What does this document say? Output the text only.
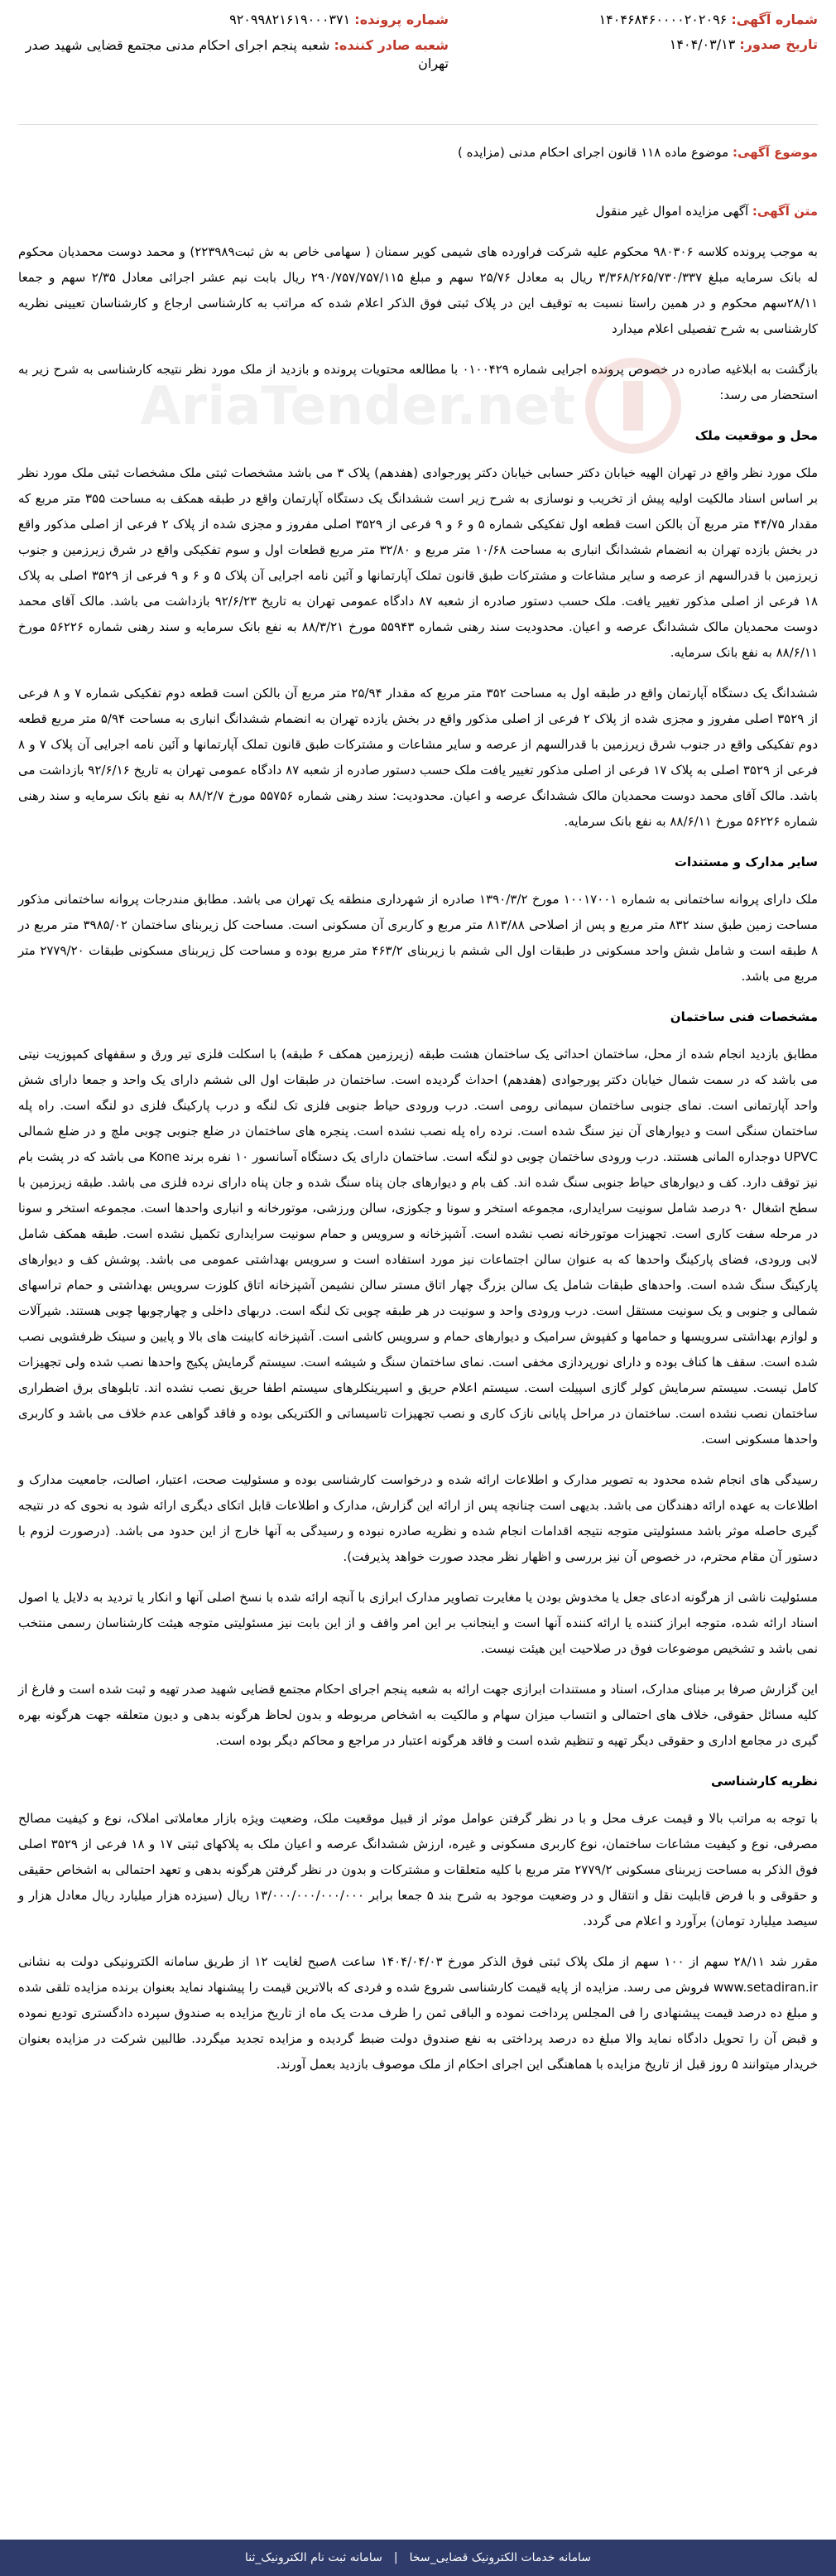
شماره آگهی: ۱۴۰۴۶۸۴۶۰۰۰۰۲۰۲۰۹۶
تاریخ صدور: ۱۴۰۴/۰۳/۱۳
شماره پرونده: ۹۲۰۹۹۸۲۱۶۱۹۰۰۰۳۷۱
شعبه صادر کننده: شعبه پنجم اجرای احکام مدنی مجتمع قضایی شهید صدر تهران
موضوع آگهی: موضوع ماده ۱۱۸ قانون اجرای احکام مدنی (مزایده )

متن آگهی: آگهی مزایده اموال غیر منقول

به موجب پرونده کلاسه ۹۸۰۳۰۶ محکوم علیه شرکت فراورده های شیمی کویر سمنان ( سهامی خاص به ش ثبت۲۲۳۹۸۹) و محمد دوست محمدیان محکوم له بانک سرمایه مبلغ ۳/۳۶۸/۲۶۵/۷۳۰/۳۳۷ ریال به معادل ۲۵/۷۶ سهم و مبلغ ۲۹۰/۷۵۷/۷۵۷/۱۱۵ ریال بابت نیم عشر اجرائی معادل ۲/۳۵ سهم و جمعا ۲۸/۱۱سهم محکوم و در همین راستا نسبت به توقیف این در پلاک ثبتی فوق الذکر اعلام شده که مراتب به کارشناسی ارجاع و کارشناسان تعیینی نظریه کارشناسی به شرح تفصیلی اعلام میدارد

بازگشت به ابلاغیه صادره در خصوص پرونده اجرایی شماره ۰۱۰۰۴۲۹ با مطالعه محتویات پرونده و بازدید از ملک مورد نظر نتیجه کارشناسی به شرح زیر به استحضار می رسد:

محل و موقعیت ملک

ملک مورد نظر واقع در تهران الهیه خیابان دکتر حسابی خیابان دکتر پورجوادی (هفدهم) پلاک ۳ می باشد مشخصات ثبتی ملک مشخصات ثبتی ملک مورد نظر بر اساس اسناد مالکیت اولیه پیش از تخریب و نوسازی به شرح زیر است ششدانگ یک دستگاه آپارتمان واقع در طبقه همکف به مساحت ۳۵۵ متر مربع که مقدار ۴۴/۷۵ متر مربع آن بالکن است قطعه اول تفکیکی شماره ۵ و ۶ و ۹ فرعی از ۳۵۲۹ اصلی مفروز و مجزی شده از پلاک ۲ فرعی از اصلی مذکور واقع در بخش بازده تهران به انضمام ششدانگ انباری به مساحت ۱۰/۶۸ متر مربع و ۳۲/۸۰ متر مربع قطعات اول و سوم تفکیکی واقع در شرق زیرزمین و جنوب زیرزمین با قدرالسهم از عرصه و سایر مشاعات و مشترکات طبق قانون تملک آپارتمانها و آئین نامه اجرایی آن پلاک ۵ و ۶ و ۹ فرعی از ۳۵۲۹ اصلی به پلاک ۱۸ فرعی از اصلی مذکور تغییر یافت. ملک حسب دستور صادره از شعبه ۸۷ دادگاه عمومی تهران به تاریخ ۹۲/۶/۲۳ بازداشت می باشد. مالک آقای محمد دوست محمدیان مالک ششدانگ عرصه و اعیان. محدودیت سند رهنی شماره ۵۵۹۴۳ مورخ ۸۸/۳/۲۱ به نفع بانک سرمایه و سند رهنی شماره ۵۶۲۲۶ مورخ ۸۸/۶/۱۱ به نفع بانک سرمایه.

ششدانگ یک دستگاه آپارتمان واقع در طبقه اول به مساحت ۳۵۲ متر مربع که مقدار ۲۵/۹۴ متر مربع آن بالکن است قطعه دوم تفکیکی شماره ۷ و ۸ فرعی از ۳۵۲۹ اصلی مفروز و مجزی شده از پلاک ۲ فرعی از اصلی مذکور واقع در بخش یازده تهران به انضمام ششدانگ انباری به مساحت ۵/۹۴ متر مربع قطعه دوم تفکیکی واقع در جنوب شرق زیرزمین با قدرالسهم از عرصه و سایر مشاعات و مشترکات طبق قانون تملک آپارتمانها و آئین نامه اجرایی آن پلاک ۷ و ۸ فرعی از ۳۵۲۹ اصلی به پلاک ۱۷ فرعی از اصلی مذکور تغییر یافت ملک حسب دستور صادره از شعبه ۸۷ دادگاه عمومی تهران به تاریخ ۹۲/۶/۱۶ بازداشت می باشد. مالک آقای محمد دوست محمدیان مالک ششدانگ عرصه و اعیان. محدودیت: سند رهنی شماره ۵۵۷۵۶ مورخ ۸۸/۲/۷ به نفع بانک سرمایه و سند رهنی شماره ۵۶۲۲۶ مورخ ۸۸/۶/۱۱ به نفع بانک سرمایه.

سایر مدارک و مستندات

ملک دارای پروانه ساختمانی به شماره ۱۰۰۱۷۰۰۱ مورخ ۱۳۹۰/۳/۲ صادره از شهرداری منطقه یک تهران می باشد. مطابق مندرجات پروانه ساختمانی مذکور مساحت زمین طبق سند ۸۳۲ متر مربع و پس از اصلاحی ۸۱۳/۸۸ متر مربع و کاربری آن مسکونی است. مساحت کل زیربنای ساختمان ۳۹۸۵/۰۲ متر مربع در ۸ طبقه است و شامل شش واحد مسکونی در طبقات اول الی ششم با زیربنای ۴۶۳/۲ متر مربع بوده و مساحت کل زیربنای مسکونی طبقات ۲۷۷۹/۲۰ متر مربع می باشد.

مشخصات فنی ساختمان

مطابق بازدید انجام شده از محل، ساختمان احداثی یک ساختمان هشت طبقه (زیرزمین همکف ۶ طبقه) با اسکلت فلزی تیر ورق و سقفهای کمپوزیت نیتی می باشد که در سمت شمال خیابان دکتر پورجوادی (هفدهم) احداث گردیده است. ساختمان در طبقات اول الی ششم دارای یک واحد و جمعا دارای شش واحد آپارتمانی است. نمای جنوبی ساختمان سیمانی رومی است. درب ورودی حیاط جنوبی فلزی تک لنگه و درب پارکینگ فلزی دو لنگه است. راه پله ساختمان سنگی است و دیوارهای آن نیز سنگ شده است. نرده راه پله نصب نشده است. پنجره های ساختمان در ضلع جنوبی چوبی ملچ و در ضلع شمالی UPVC دوجداره المانی هستند. درب ورودی ساختمان چوبی دو لنگه است. ساختمان دارای یک دستگاه آسانسور ۱۰ نفره برند Kone می باشد که در پشت بام نیز توقف دارد. کف و دیوارهای حیاط جنوبی سنگ شده اند. کف بام و دیوارهای جان پناه سنگ شده و جان پناه دارای نرده فلزی می باشد. طبقه زیرزمین با سطح اشغال ۹۰ درصد شامل سونیت سرایداری، مجموعه استخر و سونا و جکوزی، سالن ورزشی، موتورخانه و انباری واحدها است. مجموعه استخر و سونا در مرحله سفت کاری است. تجهیزات موتورخانه نصب نشده است. آشپزخانه و سرویس و حمام سونیت سرایداری تکمیل نشده است. طبقه همکف شامل لابی ورودی، فضای پارکینگ واحدها که به عنوان سالن اجتماعات نیز مورد استفاده است و سرویس بهداشتی عمومی می باشد. پوشش کف و دیوارهای پارکینگ سنگ شده است. واحدهای طبقات شامل یک سالن بزرگ چهار اتاق مستر سالن نشیمن آشپزخانه اتاق کلوزت سرویس بهداشتی و حمام تراسهای شمالی و جنوبی و یک سونیت مستقل است. درب ورودی واحد و سونیت در هر طبقه چوبی تک لنگه است. دربهای داخلی و چهارچوبها چوبی هستند. شیرآلات و لوازم بهداشتی سرویسها و حمامها و کفپوش سرامیک و دیوارهای حمام و سرویس کاشی است. آشپزخانه کابینت های بالا و پایین و سینک ظرفشویی نصب شده است. سقف ها کناف بوده و دارای نورپردازی مخفی است. نمای ساختمان سنگ و شیشه است. سیستم گرمایش پکیج واحدها نصب شده ولی تجهیزات کامل نیست. سیستم سرمایش کولر گازی اسپیلت است. سیستم اعلام حریق و اسپرینکلرهای سیستم اطفا حریق نصب نشده اند. تابلوهای برق اضطراری ساختمان نصب نشده است. ساختمان در مراحل پایانی نازک کاری و نصب تجهیزات تاسیساتی و الکتریکی بوده و فاقد گواهی عدم خلاف می باشد و کاربری واحدها مسکونی است.

رسیدگی های انجام شده محدود به تصویر مدارک و اطلاعات ارائه شده و درخواست کارشناسی بوده و مسئولیت صحت، اعتبار، اصالت، جامعیت مدارک و اطلاعات به عهده ارائه دهندگان می باشد. بدیهی است چنانچه پس از ارائه این گزارش، مدارک و اطلاعات قابل اتکای دیگری ارائه شود به نحوی که در نتیجه گیری حاصله موثر باشد مسئولیتی متوجه نتیجه اقدامات انجام شده و نظریه صادره نبوده و رسیدگی به آنها خارج از این حدود می باشد. (درصورت لزوم با دستور آن مقام محترم، در خصوص آن نیز بررسی و اظهار نظر مجدد صورت خواهد پذیرفت).

مسئولیت ناشی از هرگونه ادعای جعل یا مخدوش بودن یا مغایرت تصاویر مدارک ابرازی با آنچه ارائه شده با نسخ اصلی آنها و انکار یا تردید به دلایل یا اصول اسناد ارائه شده، متوجه ابراز کننده یا ارائه کننده آنها است و اینجانب بر این امر واقف و از این بابت نیز مسئولیتی متوجه هیئت کارشناسان رسمی منتخب نمی باشد و تشخیص موضوعات فوق در صلاحیت این هیئت نیست.

این گزارش صرفا بر مبنای مدارک، اسناد و مستندات ابرازی جهت ارائه به شعبه پنجم اجرای احکام مجتمع قضایی شهید صدر تهیه و ثبت شده است و فارغ از کلیه مسائل حقوقی، خلاف های احتمالی و انتساب میزان سهام و مالکیت به اشخاص مربوطه و بدون لحاظ هرگونه بدهی و دیون متعلقه جهت هرگونه بهره گیری در مجامع اداری و حقوقی دیگر تهیه و تنظیم شده است و فاقد هرگونه اعتبار در مراجع و محاکم دیگر بوده است.

نظریه کارشناسی

با توجه به مراتب بالا و قیمت عرف محل و با در نظر گرفتن عوامل موثر از قبیل موقعیت ملک، وضعیت ویژه بازار معاملاتی املاک، نوع و کیفیت مصالح مصرفی، نوع و کیفیت مشاعات ساختمان، نوع کاربری مسکونی و غیره، ارزش ششدانگ عرصه و اعیان ملک به پلاکهای ثبتی ۱۷ و ۱۸ فرعی از ۳۵۲۹ اصلی فوق الذکر به مساحت زیربنای مسکونی ۲۷۷۹/۲ متر مربع با کلیه متعلقات و مشترکات و بدون در نظر گرفتن هرگونه بدهی و تعهد احتمالی به اشخاص حقیقی و حقوقی و با فرض قابلیت نقل و انتقال و در وضعیت موجود به شرح بند ۵ جمعا برابر ۱۳/۰۰۰/۰۰۰/۰۰۰/۰۰۰ ریال (سیزده هزار میلیارد ریال معادل هزار و سیصد میلیارد تومان) برآورد و اعلام می گردد.

مقرر شد ۲۸/۱۱ سهم از ۱۰۰ سهم از ملک پلاک ثبتی فوق الذکر مورخ ۱۴۰۴/۰۴/۰۳ ساعت ۸صبح لغایت ۱۲ از طریق سامانه الکترونیکی دولت به نشانی www.setadiran.ir فروش می رسد. مزایده از پایه قیمت کارشناسی شروع شده و فردی که بالاترین قیمت را پیشنهاد نماید بعنوان برنده مزایده تلقی شده و مبلغ ده درصد قیمت پیشنهادی را فی المجلس پرداخت نموده و الباقی ثمن را ظرف مدت یک ماه از تاریخ مزایده به صندوق سپرده دادگستری تودیع نموده و قبض آن را تحویل دادگاه نماید والا مبلغ ده درصد پرداختی به نفع صندوق دولت ضبط گردیده و مزایده تجدید میگردد. طالبین شرکت در مزایده بعنوان خریدار میتوانند ۵ روز قبل از تاریخ مزایده با هماهنگی این اجرای احکام از ملک موصوف بازدید بعمل آورند.

AriaTender.net
سامانه خدمات الکترونیک قضایی_سخا
|
سامانه ثبت نام الکترونیک_ثنا
